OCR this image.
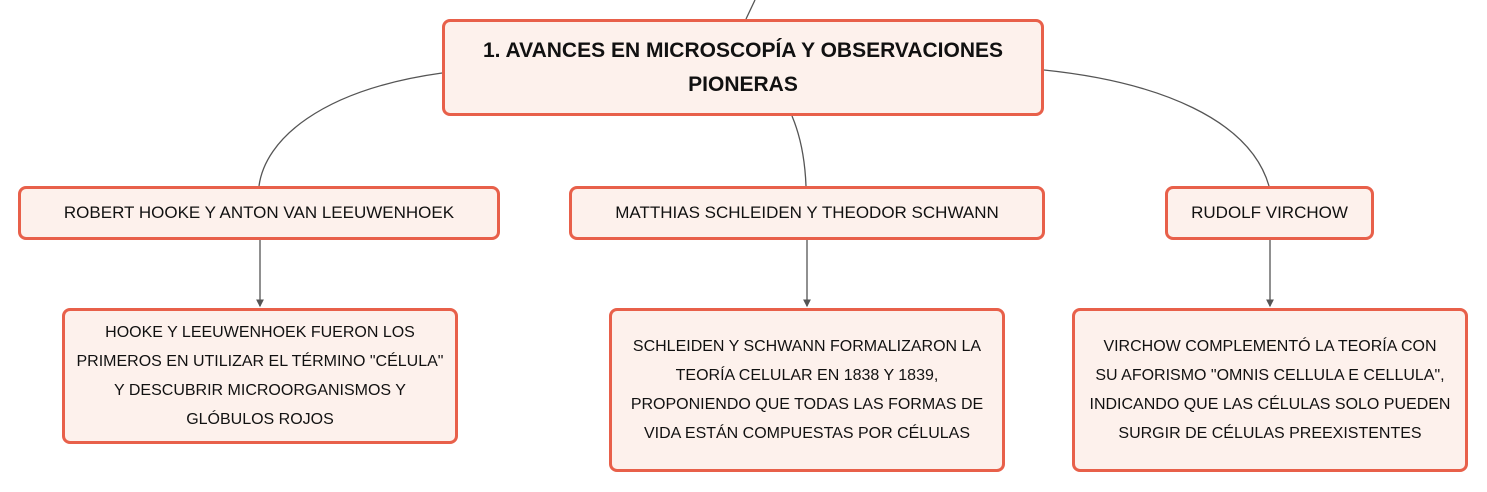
1. AVANCES EN MICROSCOPÍA Y OBSERVACIONES
PIONERAS
ROBERT HOOKE Y ANTON VAN LEEUWENHOEK	MATTHIAS SCHLEIDEN Y THEODOR SCHWANN	RUDOLF VIRCHOW
HOOKE Y LEEUWENHOEK FUERON LOS
PRIMEROS EN UTILIZAR EL TÉRMINO "CÉLULA"
Y DESCUBRIR MICROORGANISMOS Y
GLÓBULOS ROJOS
SCHLEIDEN Y SCHWANN FORMALIZARON LA
TEORÍA CELULAR EN 1838 Y 1839,
PROPONIENDO QUE TODAS LAS FORMAS DE
VIDA ESTÁN COMPUESTAS POR CÉLULAS
VIRCHOW COMPLEMENTÓ LA TEORÍA CON
SU AFORISMO "OMNIS CELLULA E CELLULA",
INDICANDO QUE LAS CÉLULAS SOLO PUEDEN
SURGIR DE CÉLULAS PREEXISTENTES
